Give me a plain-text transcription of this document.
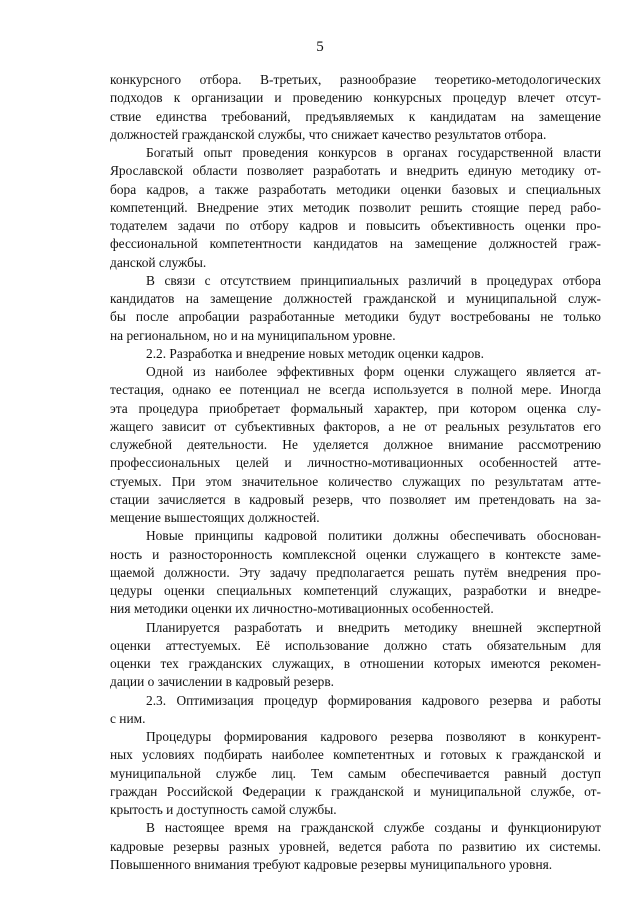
5
конкурсного отбора. В-третьих, разнообразие теоретико-методологических
подходов к организации и проведению конкурсных процедур влечет отсут-
ствие единства требований, предъявляемых к кандидатам на замещение
должностей гражданской службы, что снижает качество результатов отбора.
Богатый опыт проведения конкурсов в органах государственной власти
Ярославской области позволяет разработать и внедрить единую методику от-
бора кадров, а также разработать методики оценки базовых и специальных
компетенций. Внедрение этих методик позволит решить стоящие перед рабо-
тодателем задачи по отбору кадров и повысить объективность оценки про-
фессиональной компетентности кандидатов на замещение должностей граж-
данской службы.
В связи с отсутствием принципиальных различий в процедурах отбора
кандидатов на замещение должностей гражданской и муниципальной служ-
бы после апробации разработанные методики будут востребованы не только
на региональном, но и на муниципальном уровне.
2.2. Разработка и внедрение новых методик оценки кадров.
Одной из наиболее эффективных форм оценки служащего является ат-
тестация, однако ее потенциал не всегда используется в полной мере. Иногда
эта процедура приобретает формальный характер, при котором оценка слу-
жащего зависит от субъективных факторов, а не от реальных результатов его
служебной деятельности. Не уделяется должное внимание рассмотрению
профессиональных целей и личностно-мотивационных особенностей аттe-
стуемых. При этом значительное количество служащих по результатам аттe-
стации зачисляется в кадровый резерв, что позволяет им претендовать на за-
мещение вышестоящих должностей.
Новые принципы кадровой политики должны обеспечивать обоснован-
ность и разносторонность комплексной оценки служащего в контексте заме-
щаемой должности. Эту задачу предполагается решать путём внедрения про-
цедуры оценки специальных компетенций служащих, разработки и внедре-
ния методики оценки их личностно-мотивационных особенностей.
Планируется разработать и внедрить методику внешней экспертной
оценки аттестуемых. Её использование должно стать обязательным для
оценки тех гражданских служащих, в отношении которых имеются рекомен-
дации о зачислении в кадровый резерв.
2.3. Оптимизация процедур формирования кадрового резерва и работы
с ним.
Процедуры формирования кадрового резерва позволяют в конкурент-
ных условиях подбирать наиболее компетентных и готовых к гражданской и
муниципальной службе лиц. Тем самым обеспечивается равный доступ
граждан Российской Федерации к гражданской и муниципальной службе, от-
крытость и доступность самой службы.
В настоящее время на гражданской службе созданы и функционируют
кадровые резервы разных уровней, ведется работа по развитию их системы.
Повышенного внимания требуют кадровые резервы муниципального уровня.
